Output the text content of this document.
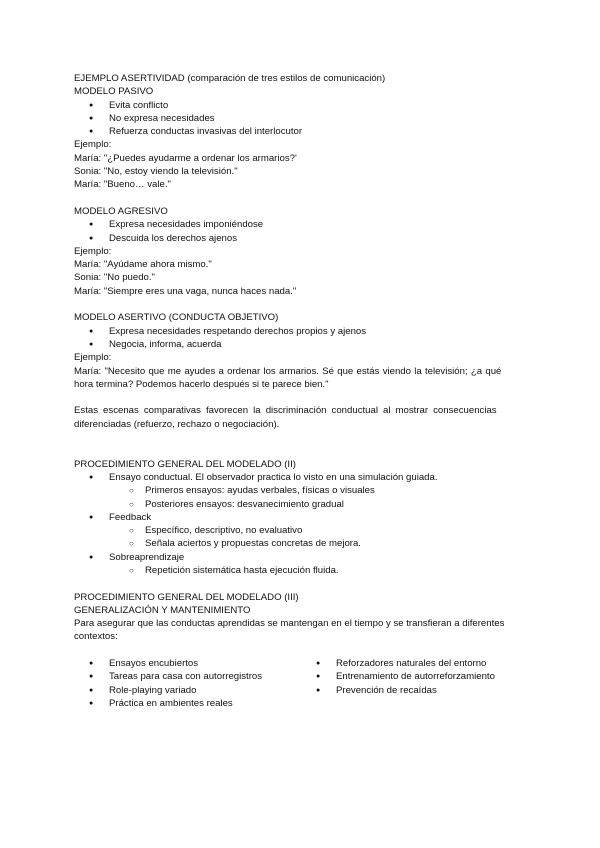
EJEMPLO ASERTIVIDAD (comparación de tres estilos de comunicación)
MODELO PASIVO
● Evita conflicto
● No expresa necesidades
● Refuerza conductas invasivas del interlocutor
Ejemplo:
María: "¿Puedes ayudarme a ordenar los armarios?'
Sonia: "No, estoy viendo la televisión."
María: "Bueno… vale."
MODELO AGRESIVO
● Expresa necesidades imponiéndose
● Descuida los derechos ajenos
Ejemplo:
María: "Ayúdame ahora mismo."
Sonia: "No puedo."
María: "Siempre eres una vaga, nunca haces nada."
MODELO ASERTIVO (CONDUCTA OBJETIVO)
● Expresa necesidades respetando derechos propios y ajenos
● Negocia, informa, acuerda
Ejemplo:
María: "Necesito que me ayudes a ordenar los armarios. Sé que estás viendo la televisión; ¿a qué
hora termina? Podemos hacerlo después si te parece bien."
Estas escenas comparativas favorecen la discriminación conductual al mostrar consecuencias
diferenciadas (refuerzo, rechazo o negociación).
PROCEDIMIENTO GENERAL DEL MODELADO (II)
● Ensayo conductual. El observador practica lo visto en una simulación guiada.
○ Primeros ensayos: ayudas verbales, físicas o visuales
○ Posteriores ensayos: desvanecimiento gradual
● Feedback
○ Específico, descriptivo, no evaluativo
○ Señala aciertos y propuestas concretas de mejora.
● Sobreaprendizaje
○ Repetición sistemática hasta ejecución fluida.
PROCEDIMIENTO GENERAL DEL MODELADO (III)
GENERALIZACIÓN Y MANTENIMIENTO
Para asegurar que las conductas aprendidas se mantengan en el tiempo y se transfieran a diferentes
contextos:
● Ensayos encubiertos
● Tareas para casa con autorregistros
● Role-playing variado
● Práctica en ambientes reales
● Reforzadores naturales del entorno
● Entrenamiento de autorreforzamiento
● Prevención de recaídas
